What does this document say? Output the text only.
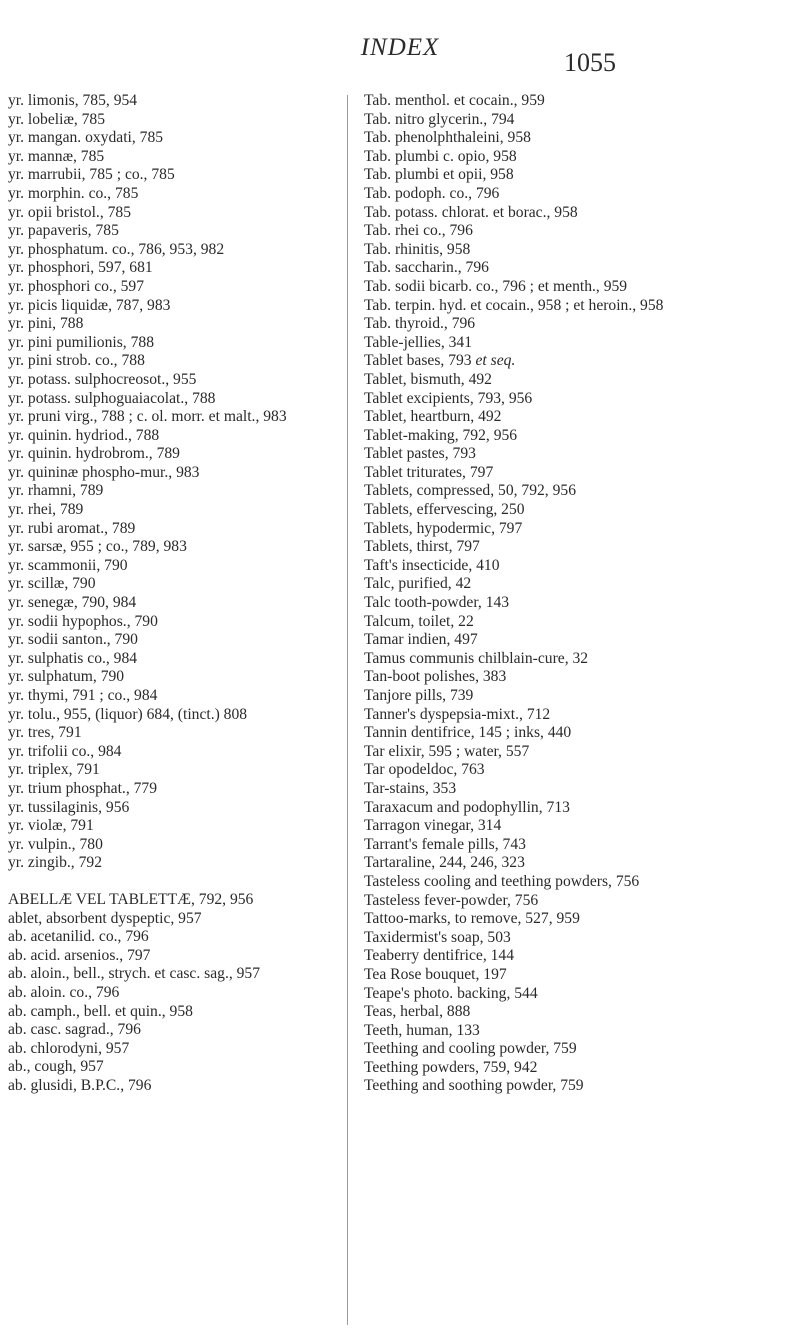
INDEX
1055
yr. limonis, 785, 954
yr. lobeliæ, 785
yr. mangan. oxydati, 785
yr. mannæ, 785
yr. marrubii, 785 ; co., 785
yr. morphin. co., 785
yr. opii bristol., 785
yr. papaveris, 785
yr. phosphatum. co., 786, 953, 982
yr. phosphori, 597, 681
yr. phosphori co., 597
yr. picis liquidæ, 787, 983
yr. pini, 788
yr. pini pumilionis, 788
yr. pini strob. co., 788
yr. potass. sulphocreosot., 955
yr. potass. sulphoguaiacolat., 788
yr. pruni virg., 788 ; c. ol. morr. et malt., 983
yr. quinin. hydriod., 788
yr. quinin. hydrobrom., 789
yr. quininæ phospho-mur., 983
yr. rhamni, 789
yr. rhei, 789
yr. rubi aromat., 789
yr. sarsæ, 955 ; co., 789, 983
yr. scammonii, 790
yr. scillæ, 790
yr. senegæ, 790, 984
yr. sodii hypophos., 790
yr. sodii santon., 790
yr. sulphatis co., 984
yr. sulphatum, 790
yr. thymi, 791 ; co., 984
yr. tolu., 955, (liquor) 684, (tinct.) 808
yr. tres, 791
yr. trifolii co., 984
yr. triplex, 791
yr. trium phosphat., 779
yr. tussilaginis, 956
yr. violæ, 791
yr. vulpin., 780
yr. zingib., 792
ABELLÆ VEL TABLETTÆ, 792, 956
ablet, absorbent dyspeptic, 957
ab. acetanilid. co., 796
ab. acid. arsenios., 797
ab. aloin., bell., strych. et casc. sag., 957
ab. aloin. co., 796
ab. camph., bell. et quin., 958
ab. casc. sagrad., 796
ab. chlorodyni, 957
ab., cough, 957
ab. glusidi, B.P.C., 796
Tab. menthol. et cocain., 959
Tab. nitro glycerin., 794
Tab. phenolphthaleini, 958
Tab. plumbi c. opio, 958
Tab. plumbi et opii, 958
Tab. podoph. co., 796
Tab. potass. chlorat. et borac., 958
Tab. rhei co., 796
Tab. rhinitis, 958
Tab. saccharin., 796
Tab. sodii bicarb. co., 796 ; et menth., 959
Tab. terpin. hyd. et cocain., 958 ; et heroin., 958
Tab. thyroid., 796
Table-jellies, 341
Tablet bases, 793 et seq.
Tablet, bismuth, 492
Tablet excipients, 793, 956
Tablet, heartburn, 492
Tablet-making, 792, 956
Tablet pastes, 793
Tablet triturates, 797
Tablets, compressed, 50, 792, 956
Tablets, effervescing, 250
Tablets, hypodermic, 797
Tablets, thirst, 797
Taft's insecticide, 410
Talc, purified, 42
Talc tooth-powder, 143
Talcum, toilet, 22
Tamar indien, 497
Tamus communis chilblain-cure, 32
Tan-boot polishes, 383
Tanjore pills, 739
Tanner's dyspepsia-mixt., 712
Tannin dentifrice, 145 ; inks, 440
Tar elixir, 595 ; water, 557
Tar opodeldoc, 763
Tar-stains, 353
Taraxacum and podophyllin, 713
Tarragon vinegar, 314
Tarrant's female pills, 743
Tartaraline, 244, 246, 323
Tasteless cooling and teething powders, 756
Tasteless fever-powder, 756
Tattoo-marks, to remove, 527, 959
Taxidermist's soap, 503
Teaberry dentifrice, 144
Tea Rose bouquet, 197
Teape's photo. backing, 544
Teas, herbal, 888
Teeth, human, 133
Teething and cooling powder, 759
Teething powders, 759, 942
Teething and soothing powder, 759
